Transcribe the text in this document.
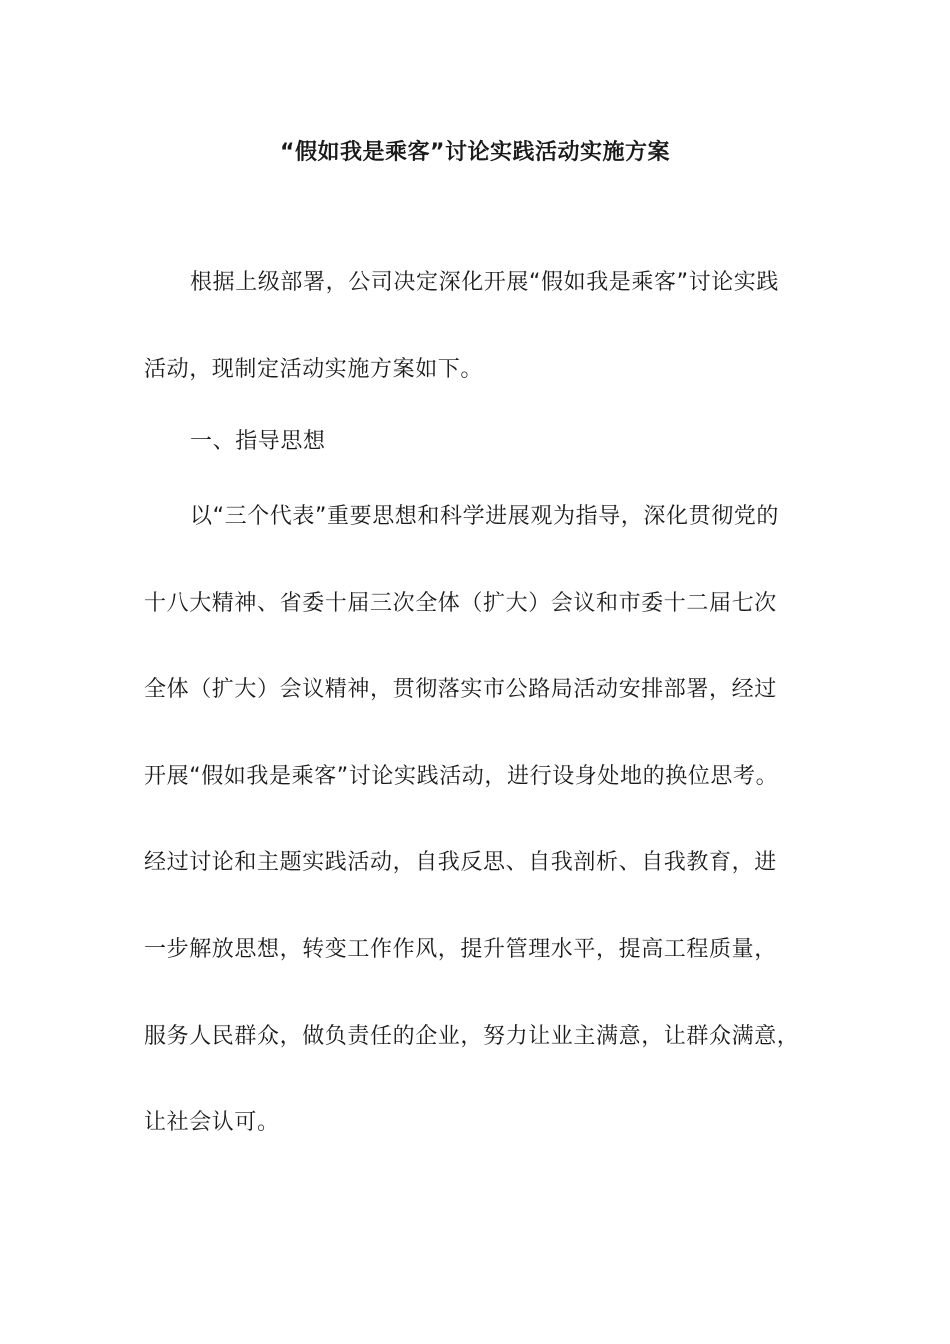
“假如我是乘客”讨论实践活动实施方案
根据上级部署，公司决定深化开展“假如我是乘客”讨论实践
活动，现制定活动实施方案如下。
一、指导思想
以“三个代表”重要思想和科学进展观为指导，深化贯彻党的
十八大精神、省委十届三次全体（扩大）会议和市委十二届七次
全体（扩大）会议精神，贯彻落实市公路局活动安排部署，经过
开展“假如我是乘客”讨论实践活动，进行设身处地的换位思考。
经过讨论和主题实践活动，自我反思、自我剖析、自我教育，进
一步解放思想，转变工作作风，提升管理水平，提高工程质量，
服务人民群众，做负责任的企业，努力让业主满意，让群众满意，
让社会认可。
